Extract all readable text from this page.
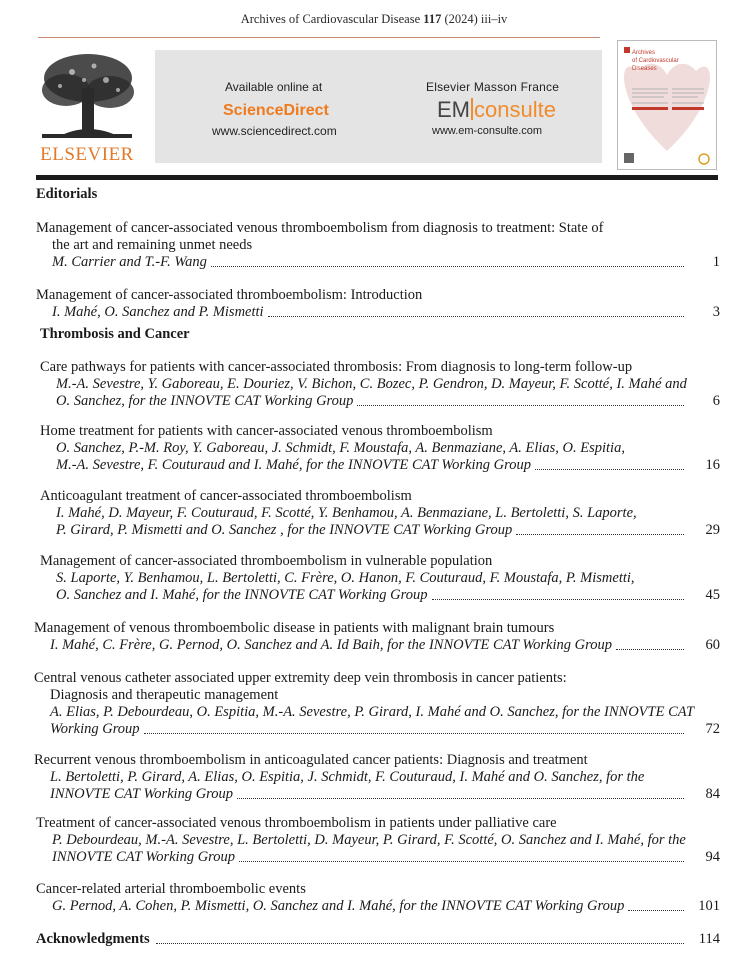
Archives of Cardiovascular Disease 117 (2024) iii–iv
ELSEVIER
Available online at
ScienceDirect
www.sciencedirect.com
Elsevier Masson France
EM consulte
www.em-consulte.com
Archives
of Cardiovascular
Diseases
Editorials
Management of cancer-associated venous thromboembolism from diagnosis to treatment: State of
the art and remaining unmet needs
M. Carrier and T.-F. Wang	1
Management of cancer-associated thromboembolism: Introduction
I. Mahé, O. Sanchez and P. Mismetti	3
Thrombosis and Cancer
Care pathways for patients with cancer-associated thrombosis: From diagnosis to long-term follow-up
M.-A. Sevestre, Y. Gaboreau, E. Douriez, V. Bichon, C. Bozec, P. Gendron, D. Mayeur, F. Scotté, I. Mahé and
O. Sanchez, for the INNOVTE CAT Working Group	6
Home treatment for patients with cancer-associated venous thromboembolism
O. Sanchez, P.-M. Roy, Y. Gaboreau, J. Schmidt, F. Moustafa, A. Benmaziane, A. Elias, O. Espitia,
M.-A. Sevestre, F. Couturaud and I. Mahé, for the INNOVTE CAT Working Group	16
Anticoagulant treatment of cancer-associated thromboembolism
I. Mahé, D. Mayeur, F. Couturaud, F. Scotté, Y. Benhamou, A. Benmaziane, L. Bertoletti, S. Laporte,
P. Girard, P. Mismetti and O. Sanchez , for the INNOVTE CAT Working Group	29
Management of cancer-associated thromboembolism in vulnerable population
S. Laporte, Y. Benhamou, L. Bertoletti, C. Frère, O. Hanon, F. Couturaud, F. Moustafa, P. Mismetti,
O. Sanchez and I. Mahé, for the INNOVTE CAT Working Group	45
Management of venous thromboembolic disease in patients with malignant brain tumours
I. Mahé, C. Frère, G. Pernod, O. Sanchez and A. Id Baih, for the INNOVTE CAT Working Group	60
Central venous catheter associated upper extremity deep vein thrombosis in cancer patients:
Diagnosis and therapeutic management
A. Elias, P. Debourdeau, O. Espitia, M.-A. Sevestre, P. Girard, I. Mahé and O. Sanchez, for the INNOVTE CAT
Working Group	72
Recurrent venous thromboembolism in anticoagulated cancer patients: Diagnosis and treatment
L. Bertoletti, P. Girard, A. Elias, O. Espitia, J. Schmidt, F. Couturaud, I. Mahé and O. Sanchez, for the
INNOVTE CAT Working Group	84
Treatment of cancer-associated venous thromboembolism in patients under palliative care
P. Debourdeau, M.-A. Sevestre, L. Bertoletti, D. Mayeur, P. Girard, F. Scotté, O. Sanchez and I. Mahé, for the
INNOVTE CAT Working Group	94
Cancer-related arterial thromboembolic events
G. Pernod, A. Cohen, P. Mismetti, O. Sanchez and I. Mahé, for the INNOVTE CAT Working Group	101
Acknowledgments	114
